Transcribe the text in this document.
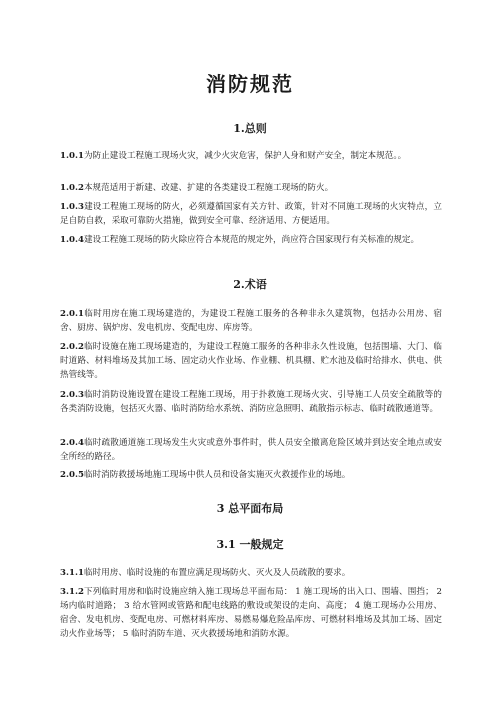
消防规范
1.总则
1.0.1为防止建设工程施工现场火灾，减少火灾危害，保护人身和财产安全，制定本规范。。
1.0.2本规范适用于新建、改建、扩建的各类建设工程施工现场的防火。
1.0.3建设工程施工现场的防火，必须遵循国家有关方针、政策，针对不同施工现场的火灾特点，立足自防自救，采取可靠防火措施，做到安全可靠、经济适用、方便适用。
1.0.4建设工程施工现场的防火除应符合本规范的规定外，尚应符合国家现行有关标准的规定。
2.术语
2.0.1临时用房在施工现场建造的，为建设工程施工服务的各种非永久建筑物，包括办公用房、宿舍、厨房、锅炉房、发电机房、变配电房、库房等。
2.0.2临时设施在施工现场建造的，为建设工程施工服务的各种非永久性设施，包括围墙、大门、临时道路、材料堆场及其加工场、固定动火作业场、作业棚、机具棚、贮水池及临时给排水、供电、供热管线等。
2.0.3临时消防设施设置在建设工程施工现场，用于扑救施工现场火灾、引导施工人员安全疏散等的各类消防设施，包括灭火器、临时消防给水系统、消防应急照明、疏散指示标志、临时疏散通道等。
2.0.4临时疏散通道施工现场发生火灾或意外事件时，供人员安全撤离危险区域并到达安全地点或安全所经的路径。
2.0.5临时消防救援场地施工现场中供人员和设备实施灭火救援作业的场地。
3 总平面布局
3.1 一般规定
3.1.1临时用房、临时设施的布置应满足现场防火、灭火及人员疏散的要求。
3.1.2下列临时用房和临时设施应纳入施工现场总平面布局： 1 施工现场的出入口、围墙、围挡； 2 场内临时道路； 3 给水管网或管路和配电线路的敷设或架设的走向、高度； 4 施工现场办公用房、宿舍、发电机房、变配电房、可燃材料库房、易燃易爆危险品库房、可燃材料堆场及其加工场、固定动火作业场等； 5 临时消防车道、灭火救援场地和消防水源。
